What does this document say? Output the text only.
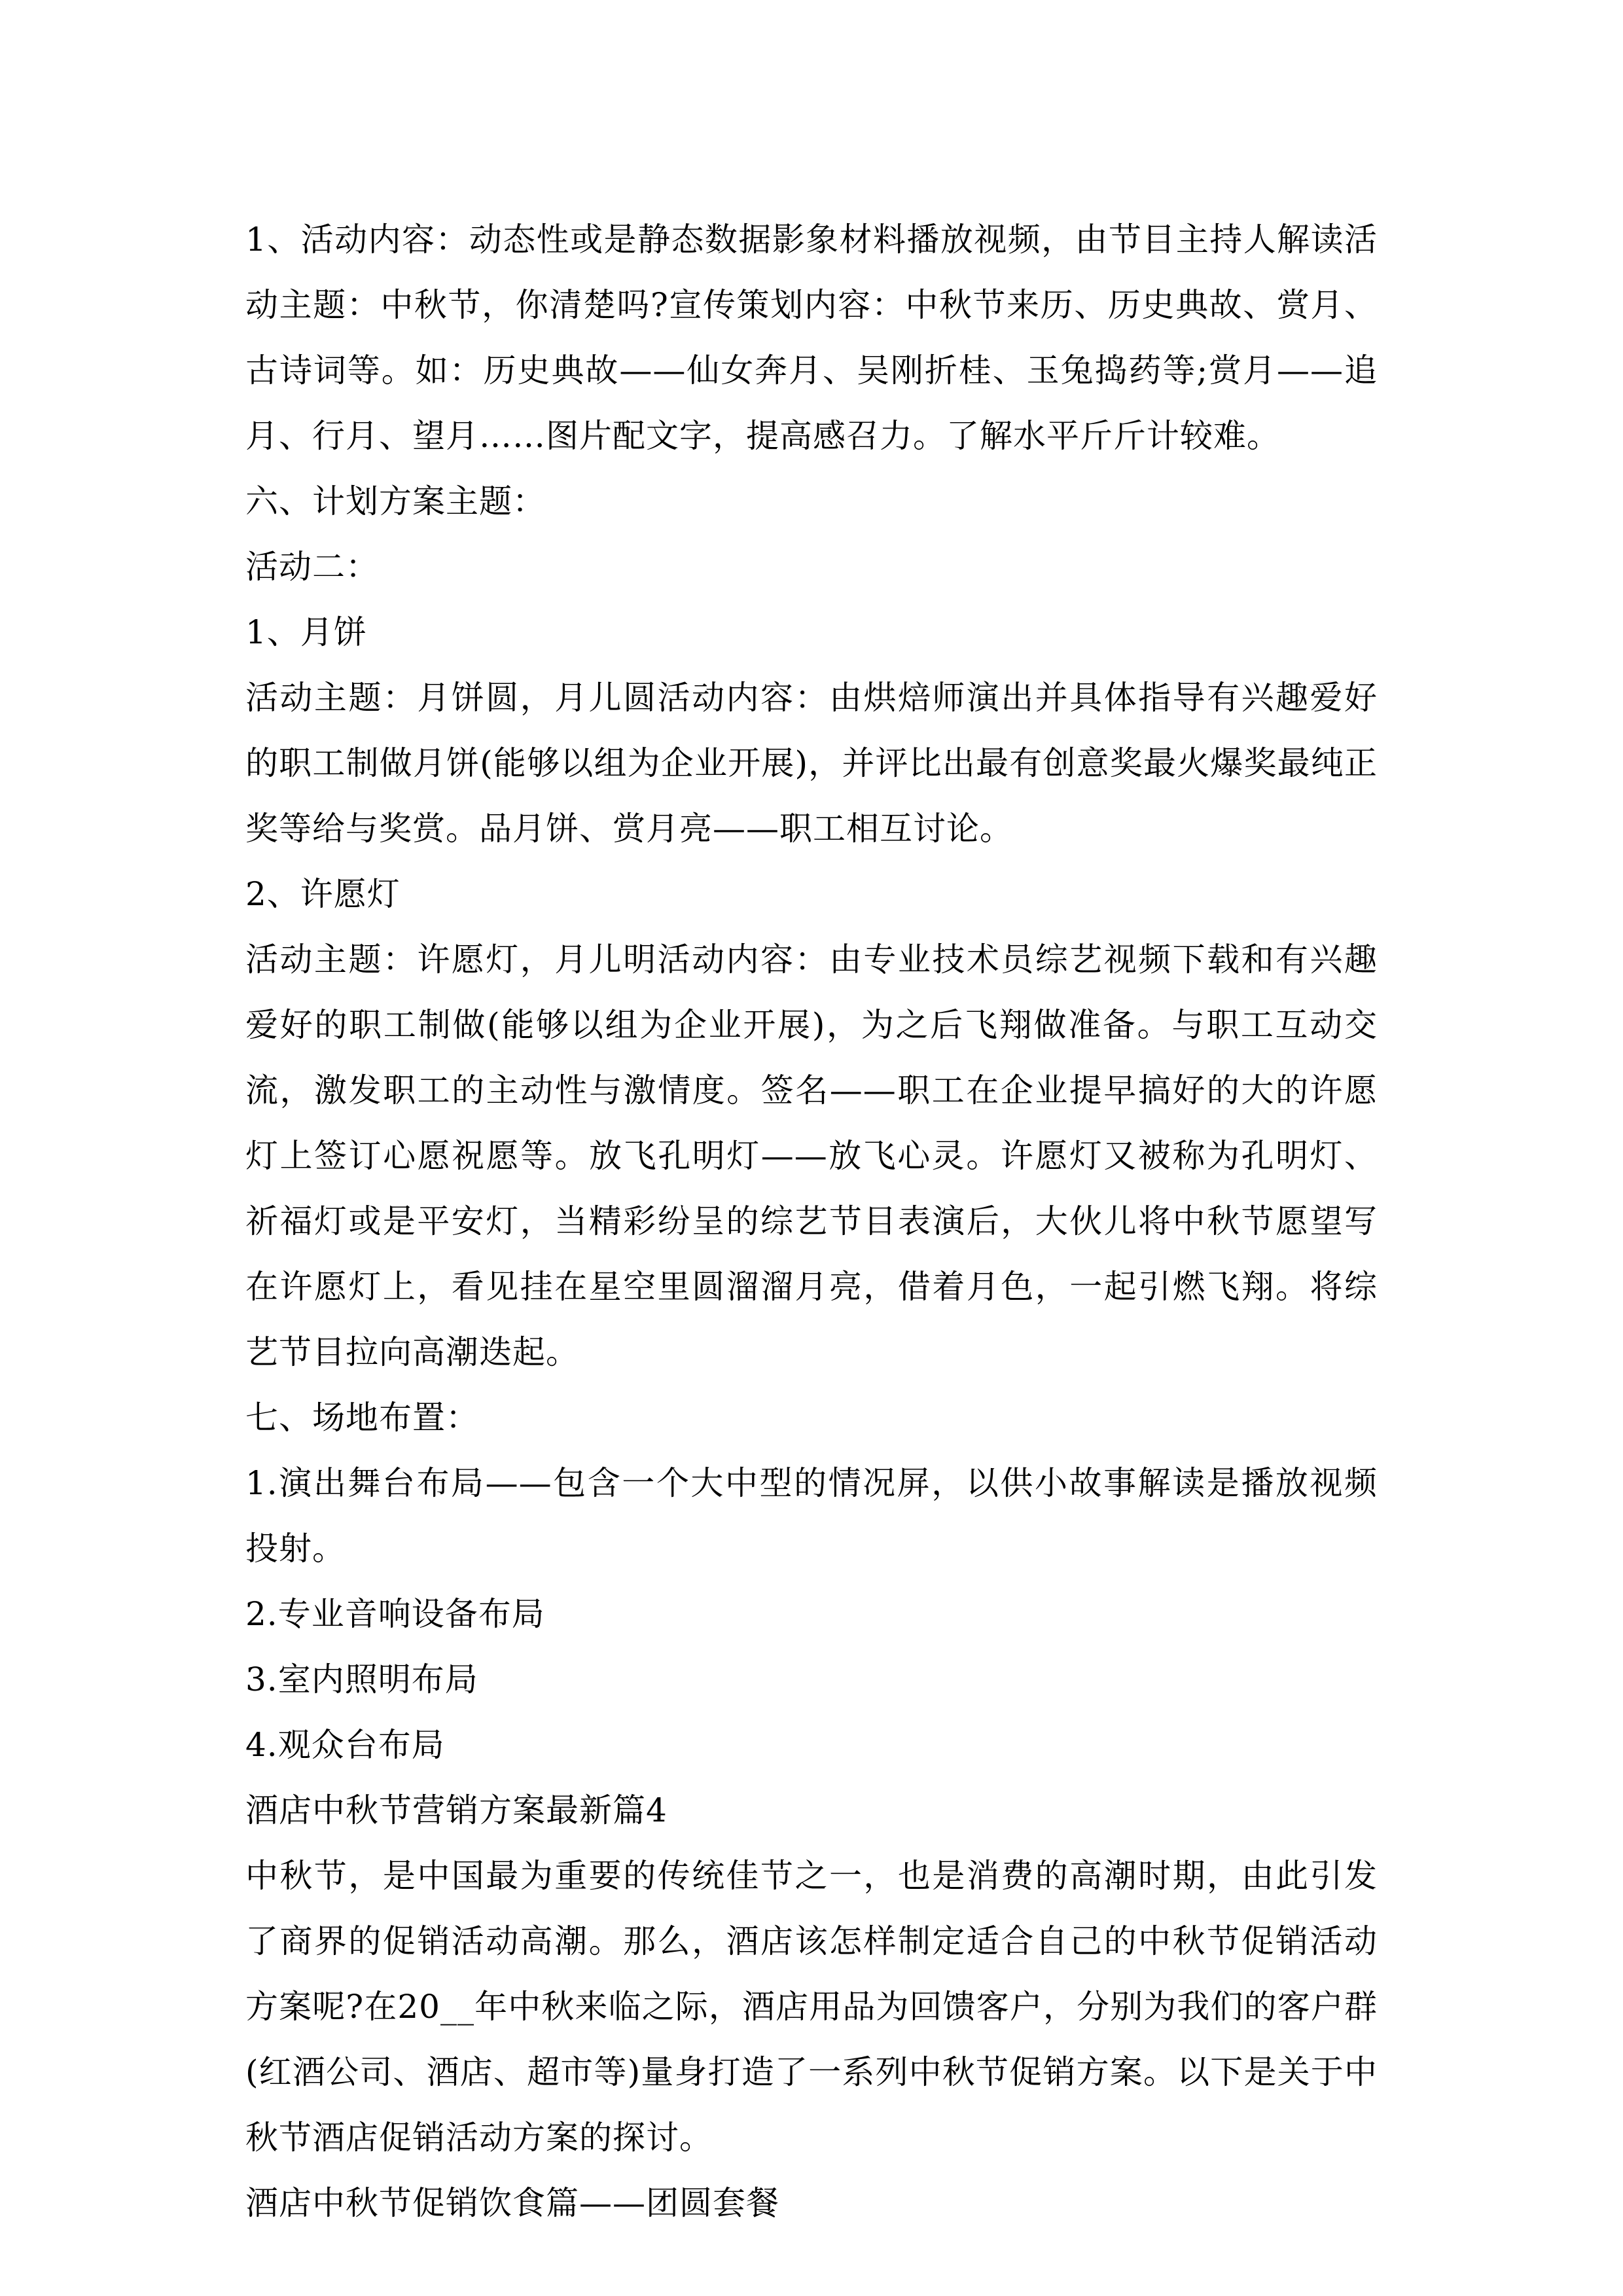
1、活动内容：动态性或是静态数据影象材料播放视频，由节目主持人解读活动主题：中秋节，你清楚吗?宣传策划内容：中秋节来历、历史典故、赏月、古诗词等。如：历史典故——仙女奔月、吴刚折桂、玉兔捣药等;赏月——追月、行月、望月……图片配文字，提高感召力。了解水平斤斤计较难。

六、计划方案主题：

活动二：

1、月饼

活动主题：月饼圆，月儿圆活动内容：由烘焙师演出并具体指导有兴趣爱好的职工制做月饼(能够以组为企业开展)，并评比出最有创意奖最火爆奖最纯正奖等给与奖赏。品月饼、赏月亮——职工相互讨论。

2、许愿灯

活动主题：许愿灯，月儿明活动内容：由专业技术员综艺视频下载和有兴趣爱好的职工制做(能够以组为企业开展)，为之后飞翔做准备。与职工互动交流，激发职工的主动性与激情度。签名——职工在企业提早搞好的大的许愿灯上签订心愿祝愿等。放飞孔明灯——放飞心灵。许愿灯又被称为孔明灯、祈福灯或是平安灯，当精彩纷呈的综艺节目表演后，大伙儿将中秋节愿望写在许愿灯上，看见挂在星空里圆溜溜月亮，借着月色，一起引燃飞翔。将综艺节目拉向高潮迭起。

七、场地布置：

1.演出舞台布局——包含一个大中型的情况屏，以供小故事解读是播放视频投射。

2.专业音响设备布局

3.室内照明布局

4.观众台布局

酒店中秋节营销方案最新篇4

中秋节，是中国最为重要的传统佳节之一，也是消费的高潮时期，由此引发了商界的促销活动高潮。那么，酒店该怎样制定适合自己的中秋节促销活动方案呢?在20__年中秋来临之际，酒店用品为回馈客户，分别为我们的客户群(红酒公司、酒店、超市等)量身打造了一系列中秋节促销方案。以下是关于中秋节酒店促销活动方案的探讨。

酒店中秋节促销饮食篇——团圆套餐
